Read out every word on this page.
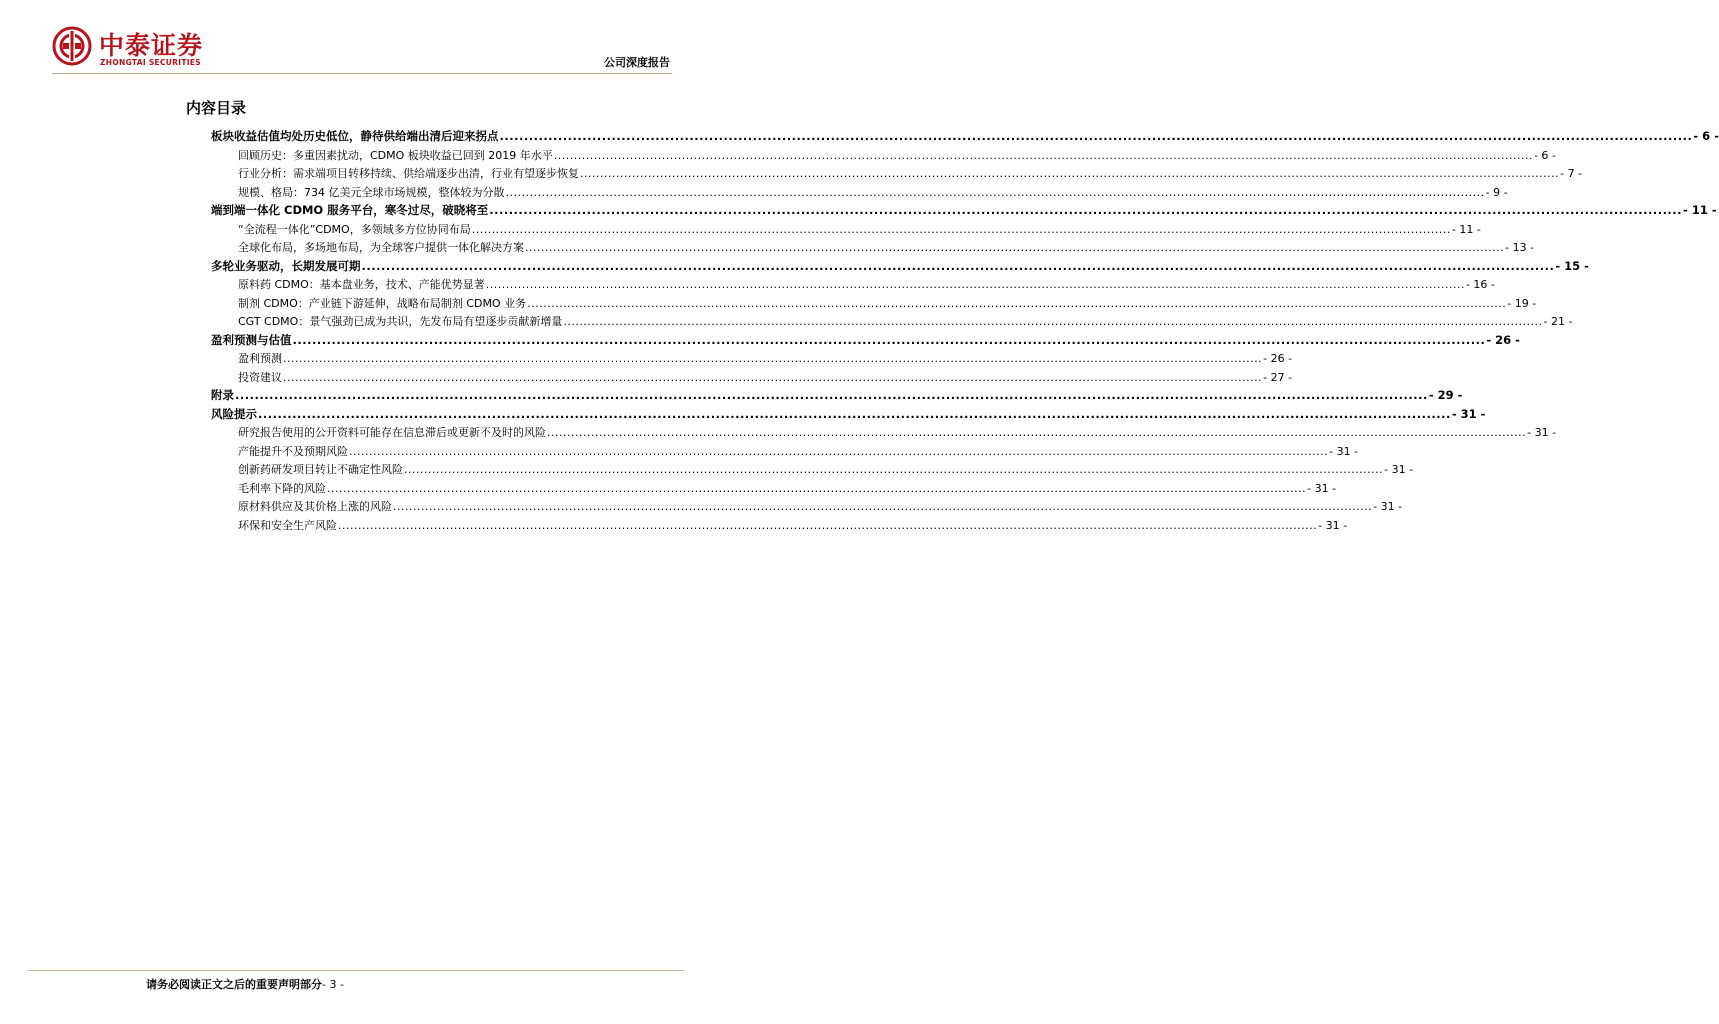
中泰证券
ZHONGTAI SECURITIES	公司深度报告
内容目录
板块收益估值均处历史低位，静待供给端出清后迎来拐点 .....	- 6 -
回顾历史：多重因素扰动，CDMO 板块收益已回到 2019 年水平 .....	- 6 -
行业分析：需求端项目转移持续、供给端逐步出清，行业有望逐步恢复 .....	- 7 -
规模、格局：734 亿美元全球市场规模，整体较为分散 .....	- 9 -
端到端一体化 CDMO 服务平台，寒冬过尽，破晓将至 .....	- 11 -
“全流程一体化”CDMO，多领域多方位协同布局 .....	- 11 -
全球化布局，多场地布局，为全球客户提供一体化解决方案 .....	- 13 -
多轮业务驱动，长期发展可期 .....	- 15 -
原料药 CDMO：基本盘业务，技术、产能优势显著 .....	- 16 -
制剂 CDMO：产业链下游延伸，战略布局制剂 CDMO 业务 .....	- 19 -
CGT CDMO：景气强劲已成为共识，先发布局有望逐步贡献新增量 .....	- 21 -
盈利预测与估值 .....	- 26 -
盈利预测 .....	- 26 -
投资建议 .....	- 27 -
附录 .....	- 29 -
风险提示 .....	- 31 -
研究报告使用的公开资料可能存在信息滞后或更新不及时的风险 .....	- 31 -
产能提升不及预期风险 .....	- 31 -
创新药研发项目转让不确定性风险 .....	- 31 -
毛利率下降的风险 .....	- 31 -
原材料供应及其价格上涨的风险 .....	- 31 -
环保和安全生产风险 .....	- 31 -
请务必阅读正文之后的重要声明部分- 3 -
